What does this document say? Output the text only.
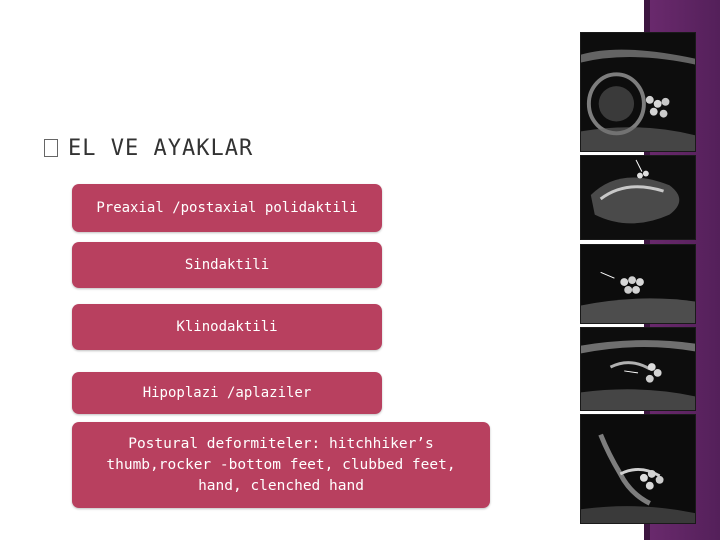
EL VE AYAKLAR
Preaxial /postaxial polidaktili
Sindaktili
Klinodaktili
Hipoplazi /aplaziler
Postural deformiteler: hitchhiker’s thumb,rocker -bottom feet, clubbed feet, hand, clenched hand
